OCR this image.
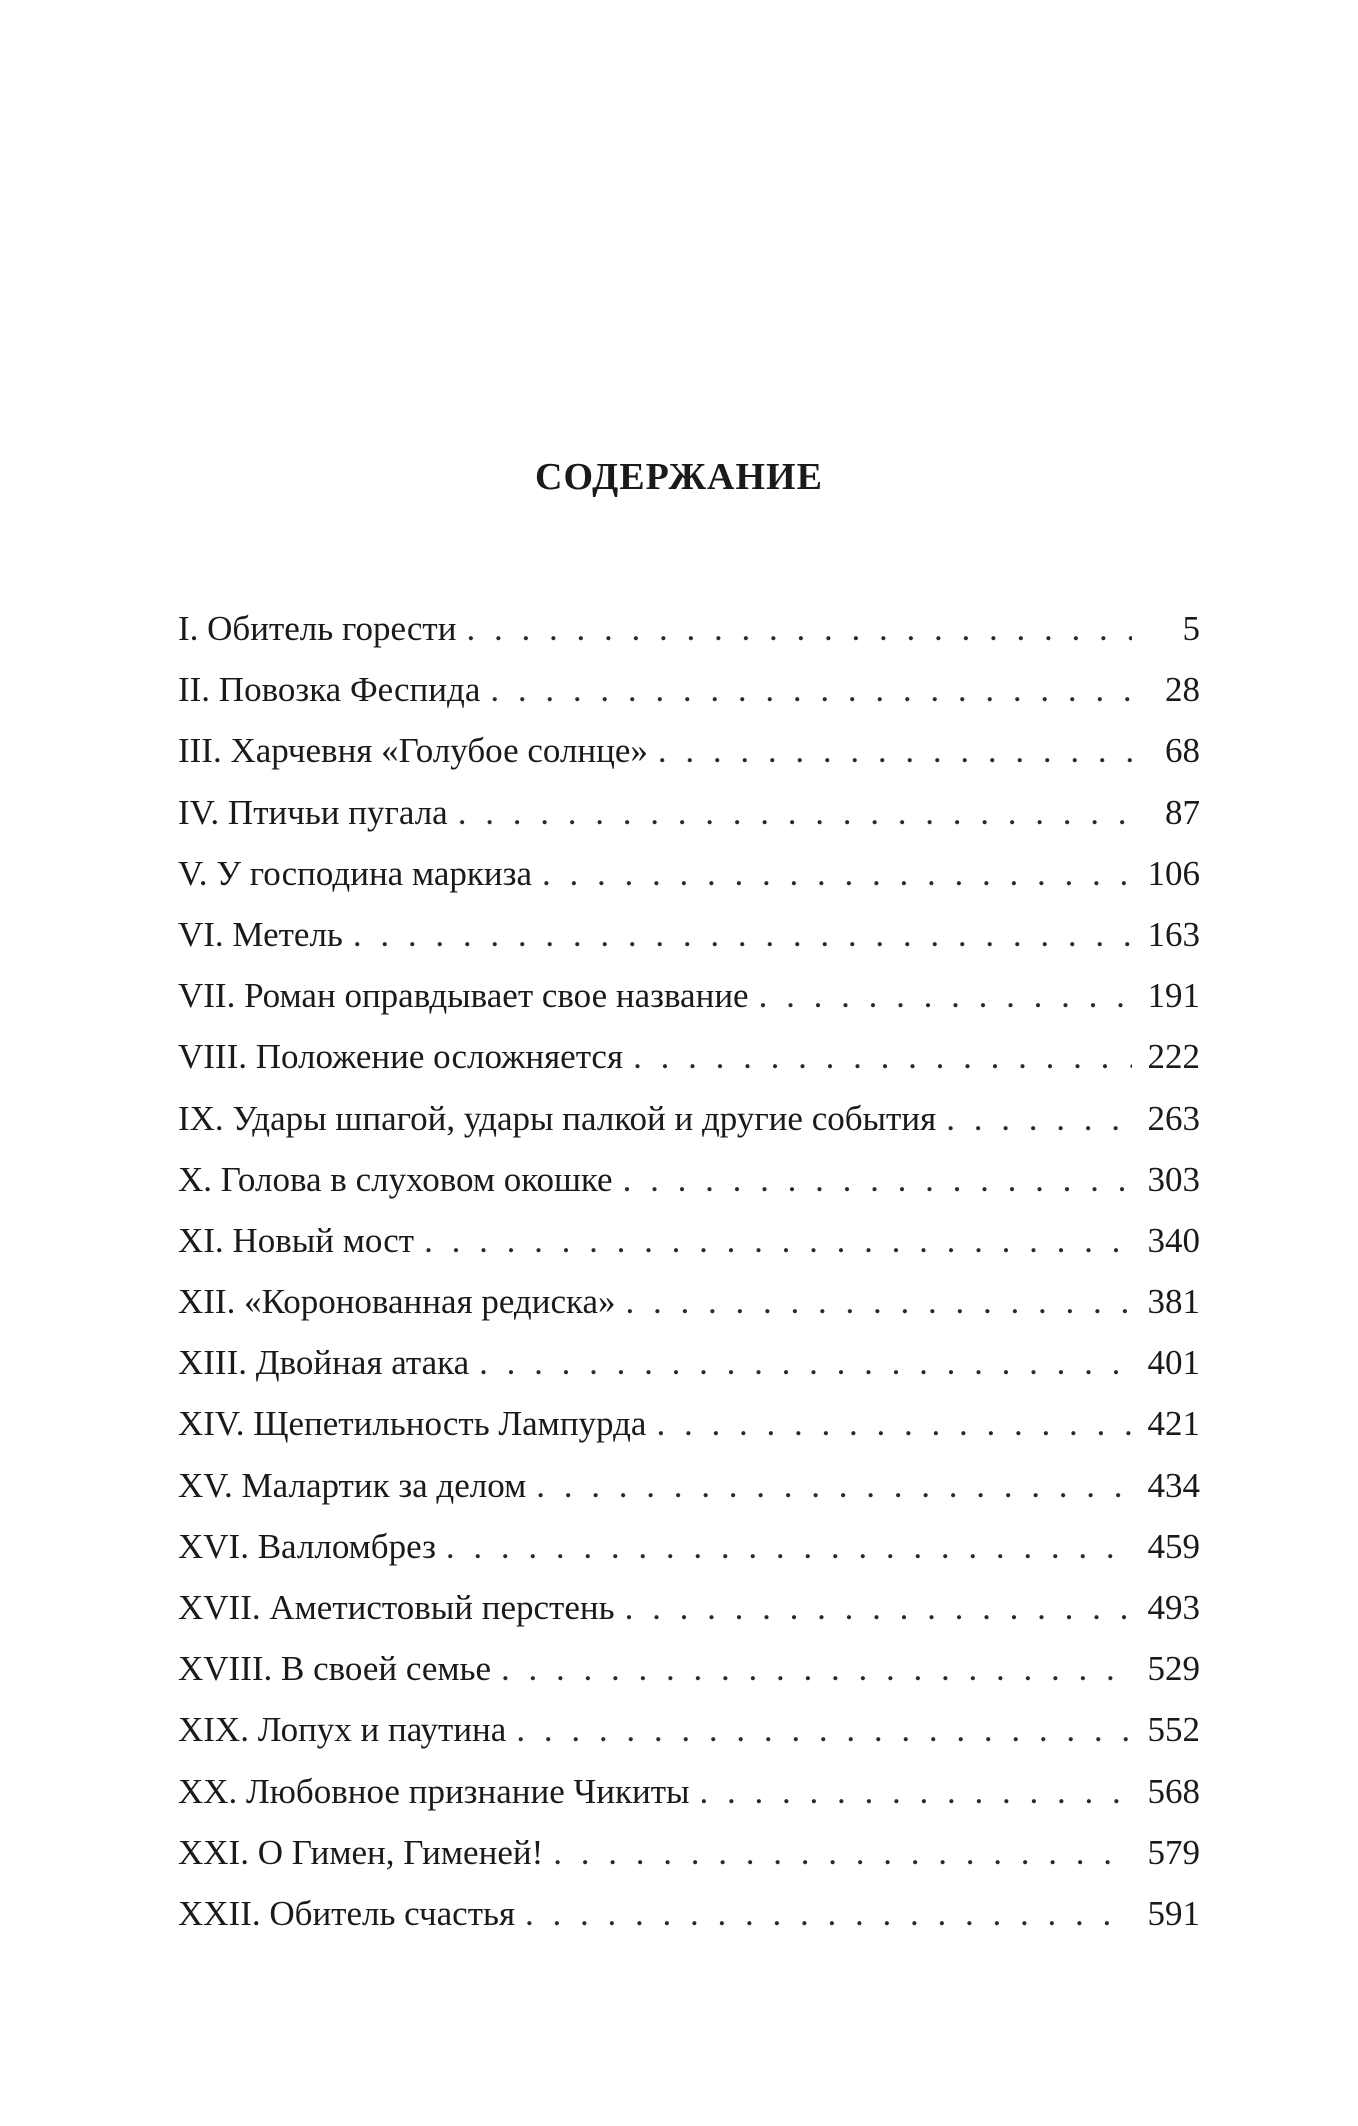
СОДЕРЖАНИЕ
I. Обитель горести . . .	5
II. Повозка Феспида . . .	28
III. Харчевня «Голубое солнце» . . .	68
IV. Птичьи пугала . . .	87
V. У господина маркиза . . .	106
VI. Метель . . .	163
VII. Роман оправдывает свое название . . .	191
VIII. Положение осложняется . . .	222
IX. Удары шпагой, удары палкой и другие события . . .	263
X. Голова в слуховом окошке . . .	303
XI. Новый мост . . .	340
XII. «Коронованная редиска» . . .	381
XIII. Двойная атака . . .	401
XIV. Щепетильность Лампурда . . .	421
XV. Малартик за делом . . .	434
XVI. Валломбрез . . .	459
XVII. Аметистовый перстень . . .	493
XVIII. В своей семье . . .	529
XIX. Лопух и паутина . . .	552
XX. Любовное признание Чикиты . . .	568
XXI. О Гимен, Гименей! . . .	579
XXII. Обитель счастья . . .	591
